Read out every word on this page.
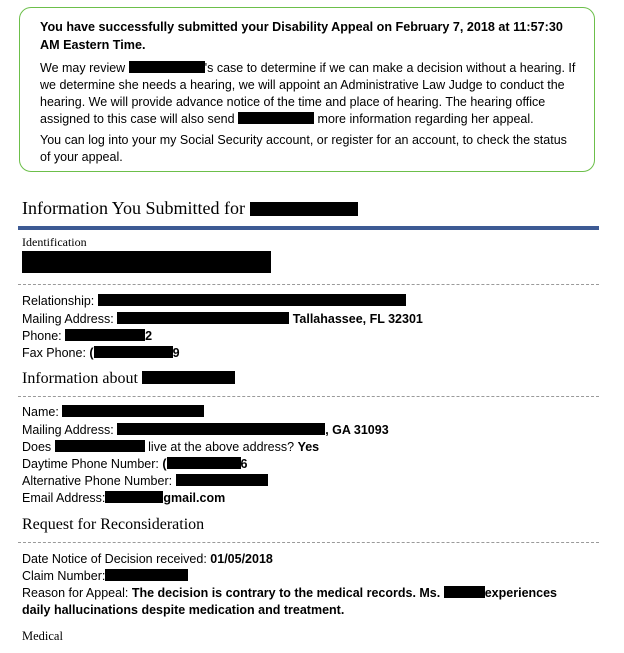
You have successfully submitted your Disability Appeal on February 7, 2018 at 11:57:30 AM Eastern Time.

We may review	's case to determine if we can make a decision without a hearing. If we determine she needs a hearing, we will appoint an Administrative Law Judge to conduct the hearing. We will provide advance notice of the time and place of hearing. The hearing office assigned to this case will also send	more information regarding her appeal.

You can log into your my Social Security account, or register for an account, to check the status of your appeal.

Information You Submitted for
Identification
Relationship:
Mailing Address:	Tallahassee, FL 32301
Phone:	2
Fax Phone: (	9
Information about
Name:
Mailing Address:	, GA 31093
Does	live at the above address? Yes
Daytime Phone Number: (	6
Alternative Phone Number:
Email Address:	gmail.com
Request for Reconsideration
Date Notice of Decision received: 01/05/2018
Claim Number:
Reason for Appeal: The decision is contrary to the medical records. Ms.	experiences
daily hallucinations despite medication and treatment.
Medical
